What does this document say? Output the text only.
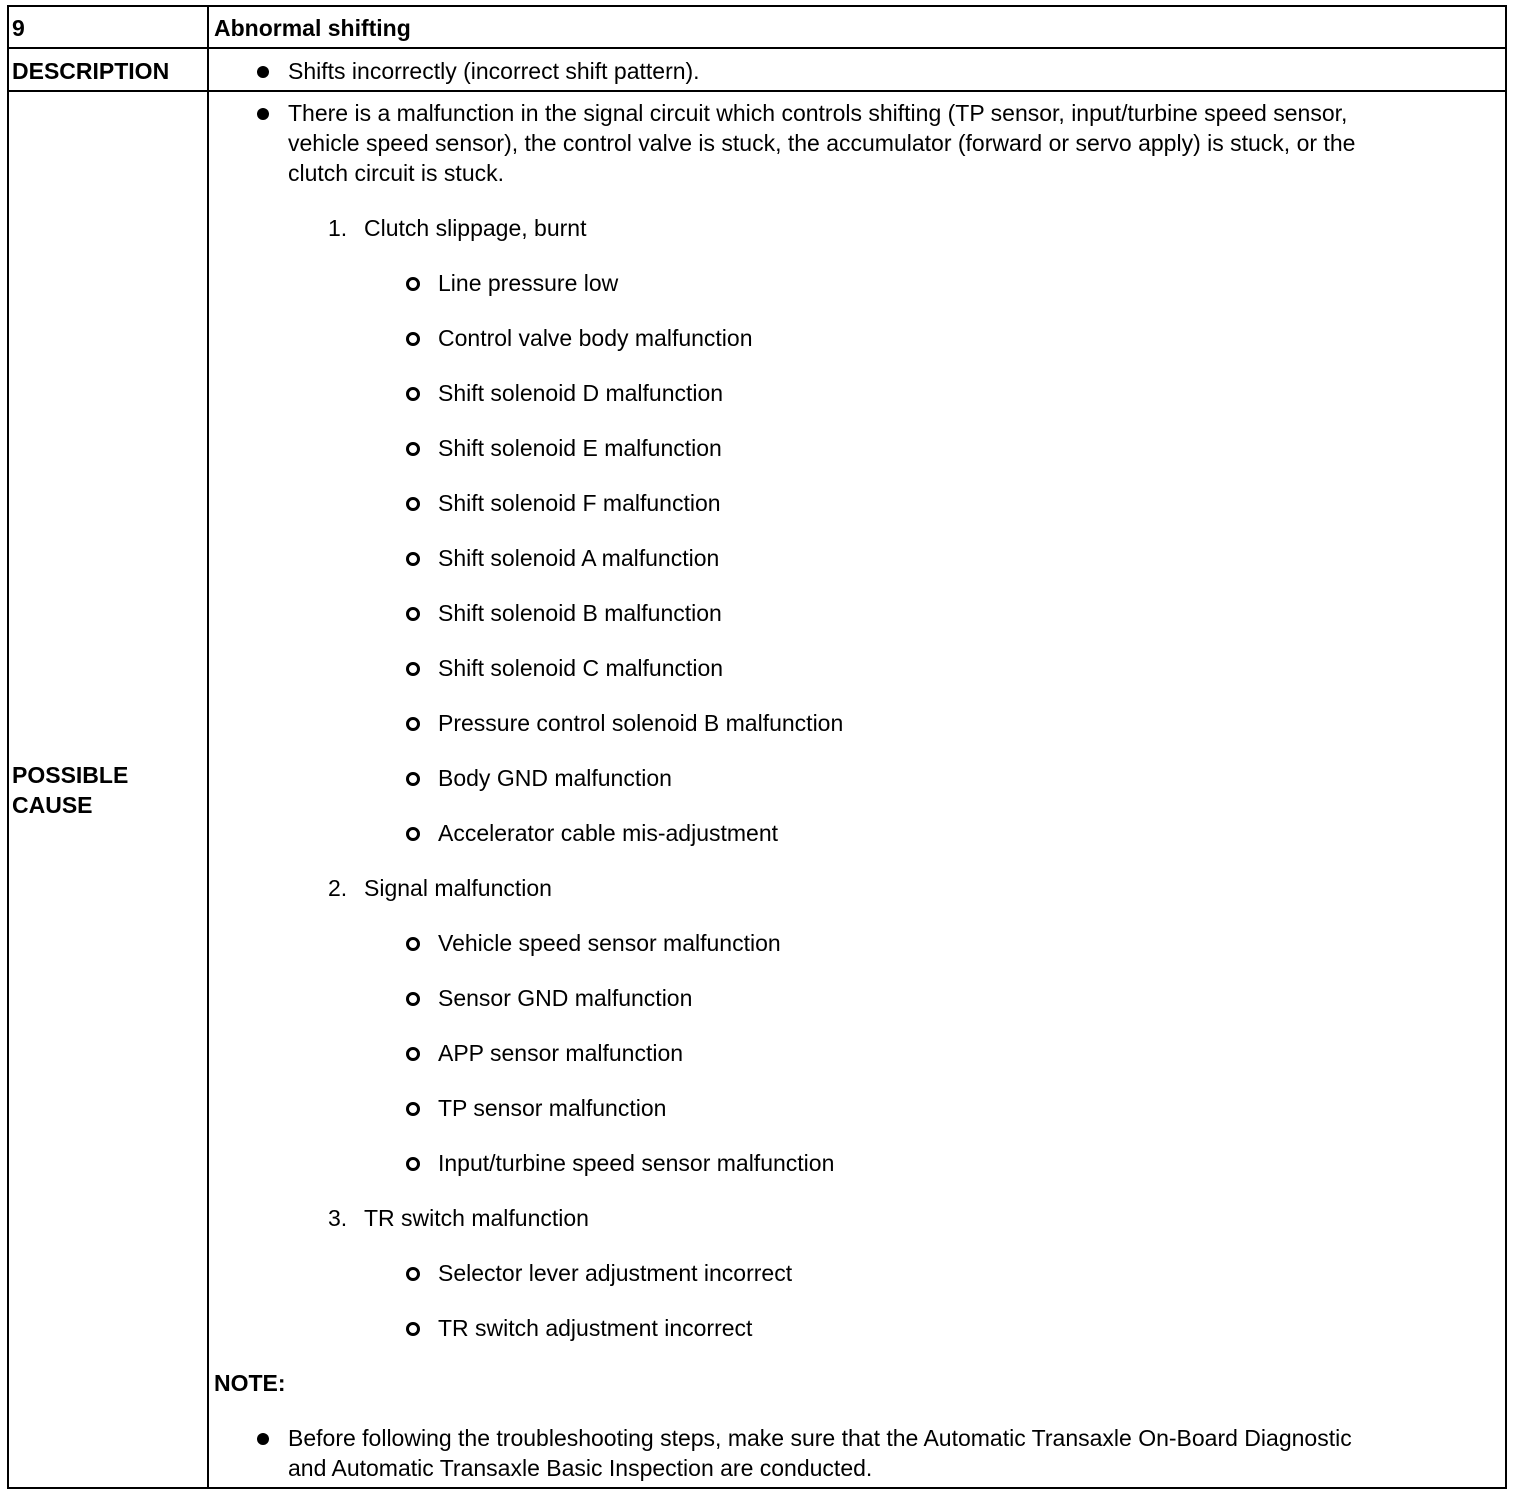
9	Abnormal shifting
DESCRIPTION	Shifts incorrectly (incorrect shift pattern).
POSSIBLE
CAUSE
There is a malfunction in the signal circuit which controls shifting (TP sensor, input/turbine speed sensor,
vehicle speed sensor), the control valve is stuck, the accumulator (forward or servo apply) is stuck, or the
clutch circuit is stuck.
1. Clutch slippage, burnt
Line pressure low
Control valve body malfunction
Shift solenoid D malfunction
Shift solenoid E malfunction
Shift solenoid F malfunction
Shift solenoid A malfunction
Shift solenoid B malfunction
Shift solenoid C malfunction
Pressure control solenoid B malfunction
Body GND malfunction
Accelerator cable mis-adjustment
2. Signal malfunction
Vehicle speed sensor malfunction
Sensor GND malfunction
APP sensor malfunction
TP sensor malfunction
Input/turbine speed sensor malfunction
3. TR switch malfunction
Selector lever adjustment incorrect
TR switch adjustment incorrect
NOTE:
Before following the troubleshooting steps, make sure that the Automatic Transaxle On-Board Diagnostic
and Automatic Transaxle Basic Inspection are conducted.
